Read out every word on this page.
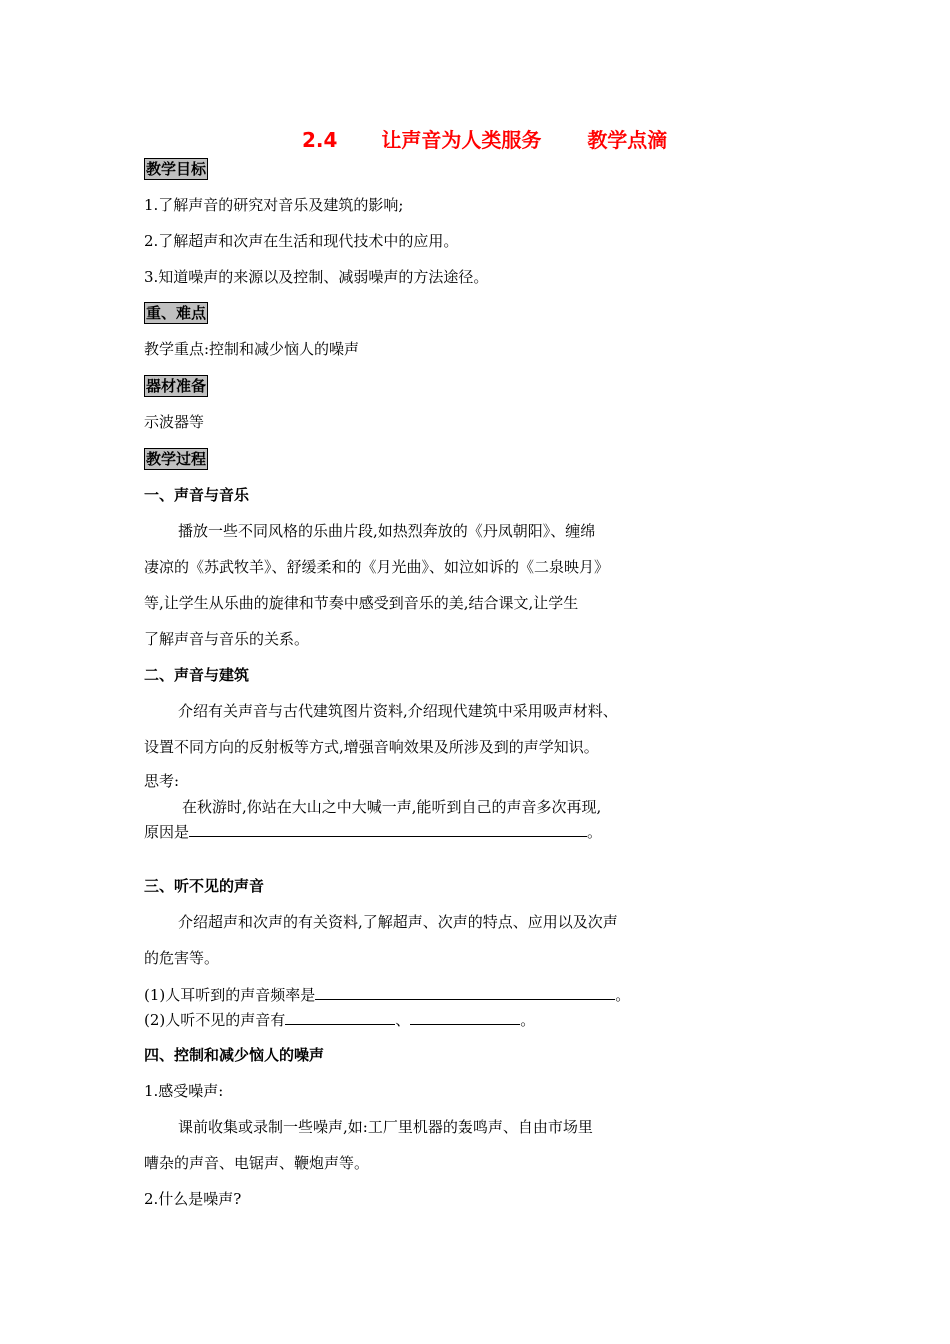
2.4 让声音为人类服务 教学点滴
教学目标
1.了解声音的研究对音乐及建筑的影响;
2.了解超声和次声在生活和现代技术中的应用。
3.知道噪声的来源以及控制、减弱噪声的方法途径。
重、难点
教学重点:控制和减少恼人的噪声
器材准备
示波器等
教学过程
一、声音与音乐
播放一些不同风格的乐曲片段,如热烈奔放的《丹凤朝阳》、缠绵
凄凉的《苏武牧羊》、舒缓柔和的《月光曲》、如泣如诉的《二泉映月》
等,让学生从乐曲的旋律和节奏中感受到音乐的美,结合课文,让学生
了解声音与音乐的关系。
二、声音与建筑
介绍有关声音与古代建筑图片资料,介绍现代建筑中采用吸声材料、
设置不同方向的反射板等方式,增强音响效果及所涉及到的声学知识。
思考:
在秋游时,你站在大山之中大喊一声,能听到自己的声音多次再现,
原因是	。
三、听不见的声音
介绍超声和次声的有关资料,了解超声、次声的特点、应用以及次声
的危害等。
(1)人耳听到的声音频率是	。
(2)人听不见的声音有	、	。
四、控制和减少恼人的噪声
1.感受噪声:
课前收集或录制一些噪声,如:工厂里机器的轰鸣声、自由市场里
嘈杂的声音、电锯声、鞭炮声等。
2.什么是噪声?
